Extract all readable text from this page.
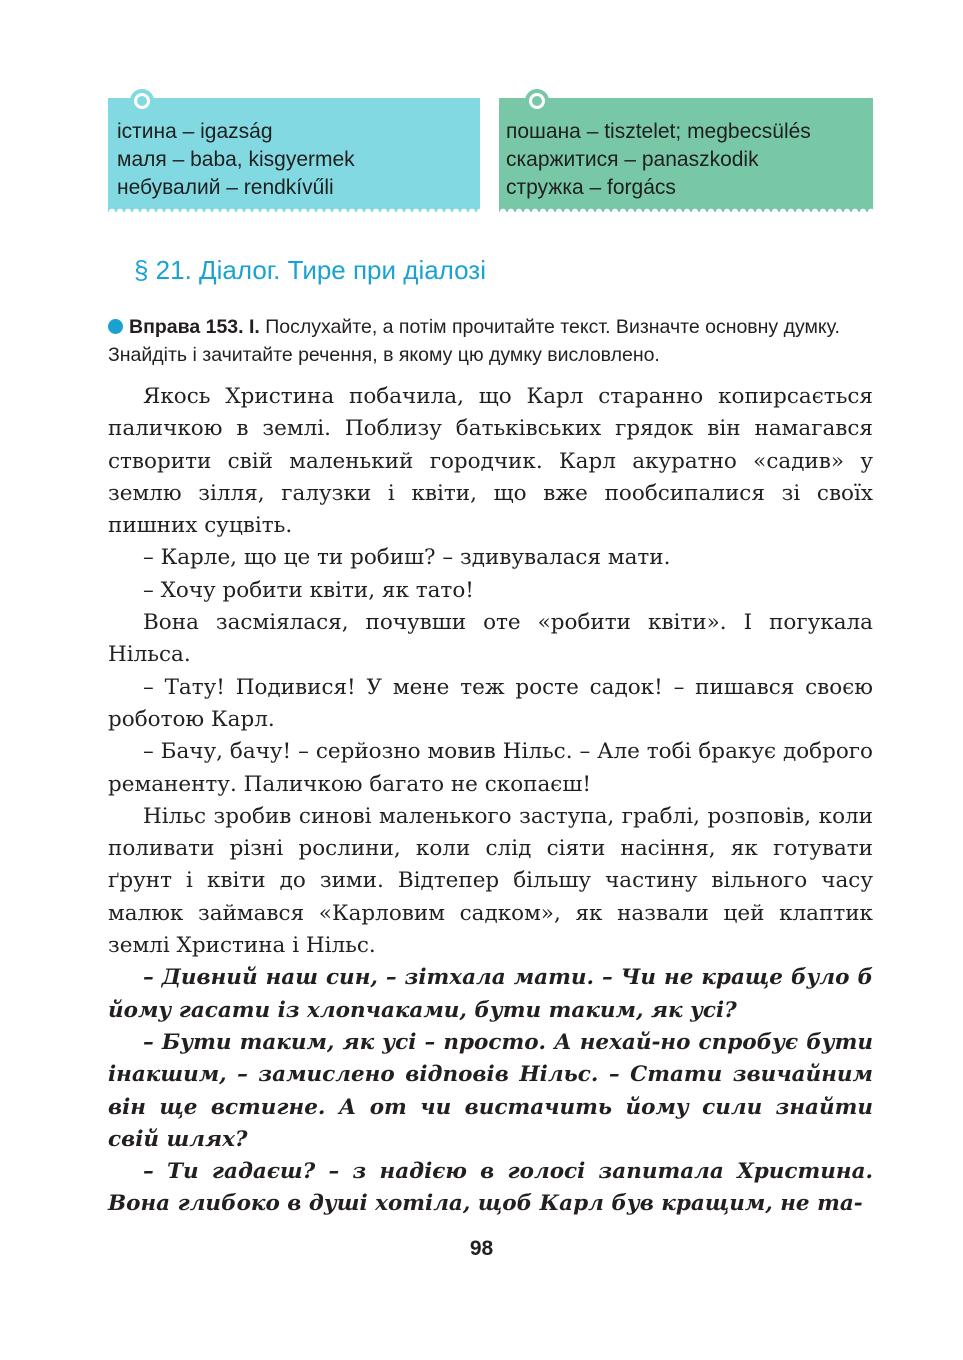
істина – igazság
маля – baba, kisgyermek
небувалий – rendkívűli
пошана – tisztelet; megbecsülés
скаржитися – panaszkodik
стружка – forgács
§ 21. Діалог. Тире при діалозі
Вправа 153. I. Послухайте, а потім прочитайте текст. Визначте основну думку. Знайдіть і зачитайте речення, в якому цю думку висловлено.

Якось Христина побачила, що Карл старанно копирсається паличкою в землі. Поблизу батьківських грядок він намагався створити свій маленький городчик. Карл акуратно «садив» у землю зілля, галузки і квіти, що вже пообсипалися зі своїх пишних суцвіть.

– Карле, що це ти робиш? – здивувалася мати.

– Хочу робити квіти, як тато!

Вона засміялася, почувши оте «робити квіти». І погукала Нільса.

– Тату! Подивися! У мене теж росте садок! – пишався своєю роботою Карл.

– Бачу, бачу! – серйозно мовив Нільс. – Але тобі бракує доброго реманенту. Паличкою багато не скопаєш!

Нільс зробив синові маленького заступа, граблі, розповів, коли поливати різні рослини, коли слід сіяти насіння, як готувати ґрунт і квіти до зими. Відтепер більшу частину вільного часу малюк займався «Карловим садком», як назвали цей клаптик землі Христина і Нільс.

– Дивний наш син, – зітхала мати. – Чи не краще було б йому гасати із хлопчаками, бути таким, як усі?

– Бути таким, як усі – просто. А нехай-но спробує бути інакшим, – замислено відповів Нільс. – Стати звичайним він ще встигне. А от чи вистачить йому сили знайти свій шлях?

– Ти гадаєш? – з надією в голосі запитала Христина. Вона глибоко в душі хотіла, щоб Карл був кращим, не та-

98
